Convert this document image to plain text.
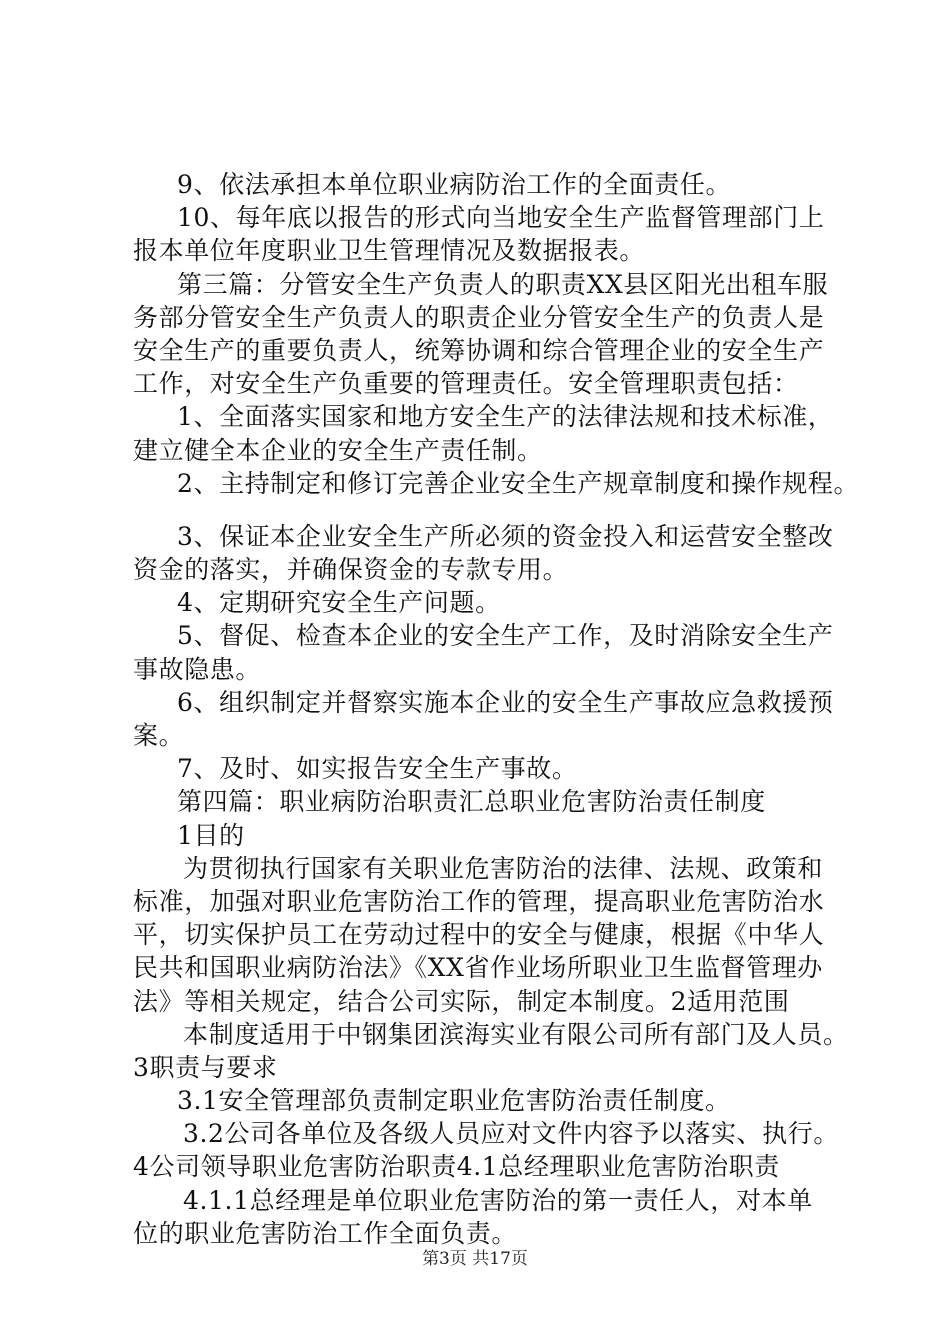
9、依法承担本单位职业病防治工作的全面责任。
10、每年底以报告的形式向当地安全生产监督管理部门上
报本单位年度职业卫生管理情况及数据报表。
第三篇：分管安全生产负责人的职责XX县区阳光出租车服
务部分管安全生产负责人的职责企业分管安全生产的负责人是
安全生产的重要负责人，统筹协调和综合管理企业的安全生产
工作，对安全生产负重要的管理责任。安全管理职责包括：
1、全面落实国家和地方安全生产的法律法规和技术标准，
建立健全本企业的安全生产责任制。
2、主持制定和修订完善企业安全生产规章制度和操作规程。
3、保证本企业安全生产所必须的资金投入和运营安全整改
资金的落实，并确保资金的专款专用。
4、定期研究安全生产问题。
5、督促、检查本企业的安全生产工作，及时消除安全生产
事故隐患。
6、组织制定并督察实施本企业的安全生产事故应急救援预
案。
7、及时、如实报告安全生产事故。
第四篇：职业病防治职责汇总职业危害防治责任制度
1目的
为贯彻执行国家有关职业危害防治的法律、法规、政策和
标准，加强对职业危害防治工作的管理，提高职业危害防治水
平，切实保护员工在劳动过程中的安全与健康，根据《中华人
民共和国职业病防治法》《XX省作业场所职业卫生监督管理办
法》等相关规定，结合公司实际，制定本制度。2适用范围
本制度适用于中钢集团滨海实业有限公司所有部门及人员。
3职责与要求
3.1安全管理部负责制定职业危害防治责任制度。
3.2公司各单位及各级人员应对文件内容予以落实、执行。
4公司领导职业危害防治职责4.1总经理职业危害防治职责
4.1.1总经理是单位职业危害防治的第一责任人，对本单
位的职业危害防治工作全面负责。
第3页 共17页
